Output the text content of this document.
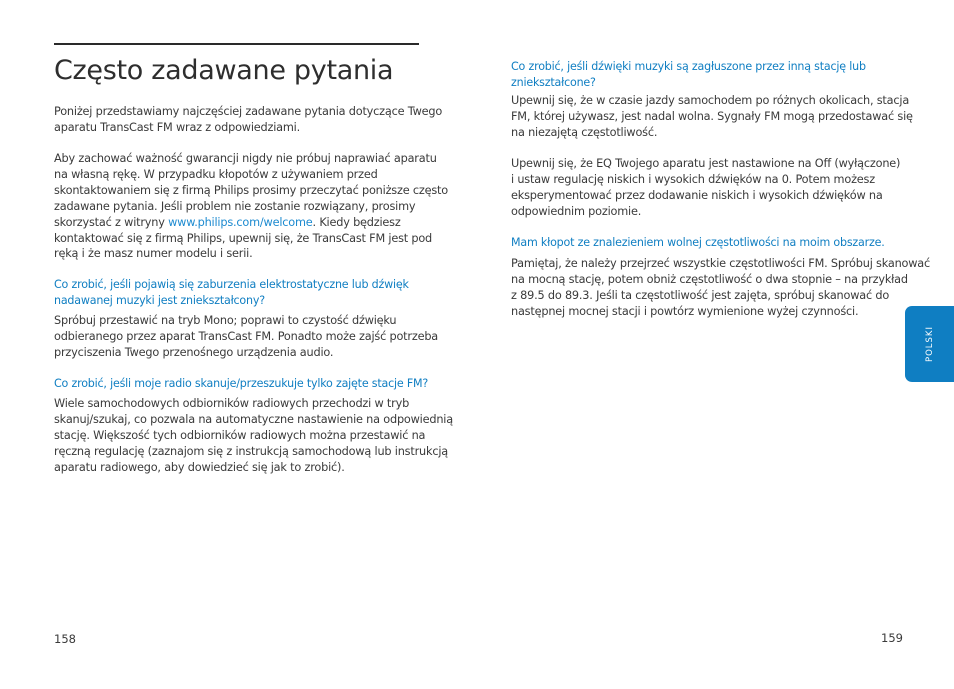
Często zadawane pytania
Poniżej przedstawiamy najczęściej zadawane pytania dotyczące Twego
aparatu TransCast FM wraz z odpowiedziami.
Aby zachować ważność gwarancji nigdy nie próbuj naprawiać aparatu
na własną rękę. W przypadku kłopotów z używaniem przed
skontaktowaniem się z firmą Philips prosimy przeczytać poniższe często
zadawane pytania. Jeśli problem nie zostanie rozwiązany, prosimy
skorzystać z witryny www.philips.com/welcome. Kiedy będziesz
kontaktować się z firmą Philips, upewnij się, że TransCast FM jest pod
ręką i że masz numer modelu i serii.
Co zrobić, jeśli pojawią się zaburzenia elektrostatyczne lub dźwięk
nadawanej muzyki jest zniekształcony?
Spróbuj przestawić na tryb Mono; poprawi to czystość dźwięku
odbieranego przez aparat TransCast FM. Ponadto może zajść potrzeba
przyciszenia Twego przenośnego urządzenia audio.
Co zrobić, jeśli moje radio skanuje/przeszukuje tylko zajęte stacje FM?
Wiele samochodowych odbiorników radiowych przechodzi w tryb
skanuj/szukaj, co pozwala na automatyczne nastawienie na odpowiednią
stację. Większość tych odbiorników radiowych można przestawić na
ręczną regulację (zaznajom się z instrukcją samochodową lub instrukcją
aparatu radiowego, aby dowiedzieć się jak to zrobić).
158
Co zrobić, jeśli dźwięki muzyki są zagłuszone przez inną stację lub
zniekształcone?
Upewnij się, że w czasie jazdy samochodem po różnych okolicach, stacja
FM, której używasz, jest nadal wolna. Sygnały FM mogą przedostawać się
na niezajętą częstotliwość.
Upewnij się, że EQ Twojego aparatu jest nastawione na Off (wyłączone)
i ustaw regulację niskich i wysokich dźwięków na 0. Potem możesz
eksperymentować przez dodawanie niskich i wysokich dźwięków na
odpowiednim poziomie.
Mam kłopot ze znalezieniem wolnej częstotliwości na moim obszarze.
Pamiętaj, że należy przejrzeć wszystkie częstotliwości FM. Spróbuj skanować
na mocną stację, potem obniż częstotliwość o dwa stopnie – na przykład
z 89.5 do 89.3. Jeśli ta częstotliwość jest zajęta, spróbuj skanować do
następnej mocnej stacji i powtórz wymienione wyżej czynności.
159
POLSKI
